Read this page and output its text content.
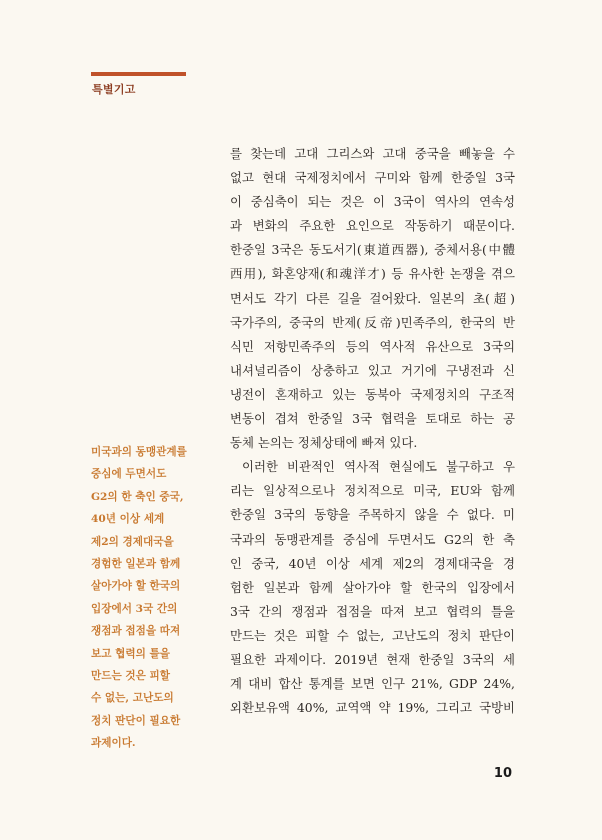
특별기고
미국과의 동맹관계를
중심에 두면서도
G2의 한 축인 중국,
40년 이상 세계
제2의 경제대국을
경험한 일본과 함께
살아가야 할 한국의
입장에서 3국 간의
쟁점과 접점을 따져
보고 협력의 틀을
만드는 것은 피할
수 없는, 고난도의
정치 판단이 필요한
과제이다.
를 찾는데 고대 그리스와 고대 중국을 빼놓을 수
없고 현대 국제정치에서 구미와 함께 한중일 3국
이 중심축이 되는 것은 이 3국이 역사의 연속성
과 변화의 주요한 요인으로 작동하기 때문이다.
한중일 3국은 동도서기(東道西器), 중체서용(中體
西用), 화혼양재(和魂洋才) 등 유사한 논쟁을 겪으
면서도 각기 다른 길을 걸어왔다. 일본의 초(超)
국가주의, 중국의 반제(反帝)민족주의, 한국의 반
식민 저항민족주의 등의 역사적 유산으로 3국의
내셔널리즘이 상충하고 있고 거기에 구냉전과 신
냉전이 혼재하고 있는 동북아 국제정치의 구조적
변동이 겹쳐 한중일 3국 협력을 토대로 하는 공
동체 논의는 정체상태에 빠져 있다.
이러한 비관적인 역사적 현실에도 불구하고 우
리는 일상적으로나 정치적으로 미국, EU와 함께
한중일 3국의 동향을 주목하지 않을 수 없다. 미
국과의 동맹관계를 중심에 두면서도 G2의 한 축
인 중국, 40년 이상 세계 제2의 경제대국을 경
험한 일본과 함께 살아가야 할 한국의 입장에서
3국 간의 쟁점과 접점을 따져 보고 협력의 틀을
만드는 것은 피할 수 없는, 고난도의 정치 판단이
필요한 과제이다. 2019년 현재 한중일 3국의 세
계 대비 합산 통계를 보면 인구 21%, GDP 24%,
외환보유액 40%, 교역액 약 19%, 그리고 국방비
10
